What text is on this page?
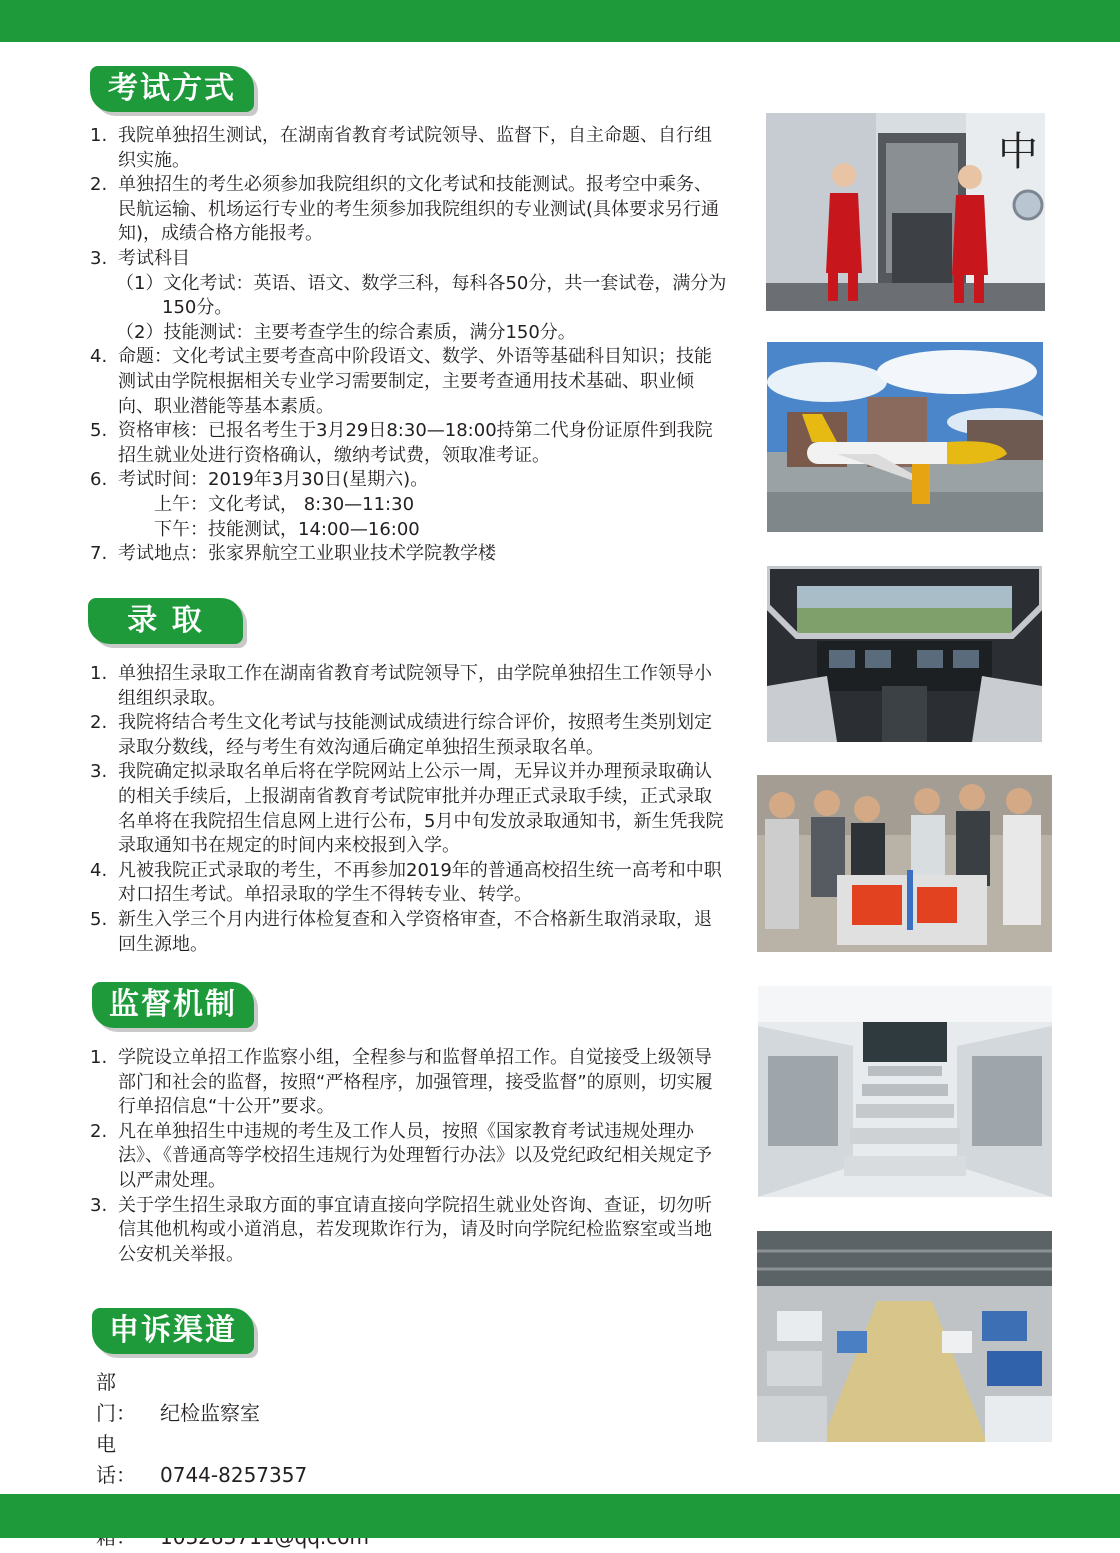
考试方式
1. 我院单独招生测试，在湖南省教育考试院领导、监督下，自主命题、自行组织实施。
2. 单独招生的考生必须参加我院组织的文化考试和技能测试。报考空中乘务、民航运输、机场运行专业的考生须参加我院组织的专业测试(具体要求另行通知)，成绩合格方能报考。
3. 考试科目
（1）文化考试：英语、语文、数学三科，每科各50分，共一套试卷，满分为150分。
（2）技能测试：主要考查学生的综合素质，满分150分。
4. 命题：文化考试主要考查高中阶段语文、数学、外语等基础科目知识；技能测试由学院根据相关专业学习需要制定，主要考查通用技术基础、职业倾向、职业潜能等基本素质。
5. 资格审核：已报名考生于3月29日8:30—18:00持第二代身份证原件到我院招生就业处进行资格确认，缴纳考试费，领取准考证。
6. 考试时间：2019年3月30日(星期六)。
上午：文化考试， 8:30—11:30
下午：技能测试，14:00—16:00
7. 考试地点：张家界航空工业职业技术学院教学楼
录 取
1. 单独招生录取工作在湖南省教育考试院领导下，由学院单独招生工作领导小组组织录取。
2. 我院将结合考生文化考试与技能测试成绩进行综合评价，按照考生类别划定录取分数线，经与考生有效沟通后确定单独招生预录取名单。
3. 我院确定拟录取名单后将在学院网站上公示一周，无异议并办理预录取确认的相关手续后，上报湖南省教育考试院审批并办理正式录取手续，正式录取名单将在我院招生信息网上进行公布，5月中旬发放录取通知书，新生凭我院录取通知书在规定的时间内来校报到入学。
4. 凡被我院正式录取的考生，不再参加2019年的普通高校招生统一高考和中职对口招生考试。单招录取的学生不得转专业、转学。
5. 新生入学三个月内进行体检复查和入学资格审查，不合格新生取消录取，退回生源地。
监督机制
1. 学院设立单招工作监察小组，全程参与和监督单招工作。自觉接受上级领导部门和社会的监督，按照“严格程序，加强管理，接受监督”的原则，切实履行单招信息“十公开”要求。
2. 凡在单独招生中违规的考生及工作人员，按照《国家教育考试违规处理办法》、《普通高等学校招生违规行为处理暂行办法》以及党纪政纪相关规定予以严肃处理。
3. 关于学生招生录取方面的事宜请直接向学院招生就业处咨询、查证，切勿听信其他机构或小道消息，若发现欺诈行为，请及时向学院纪检监察室或当地公安机关举报。
申诉渠道
部 门： 纪检监察室
电 话： 0744-8257357
中
